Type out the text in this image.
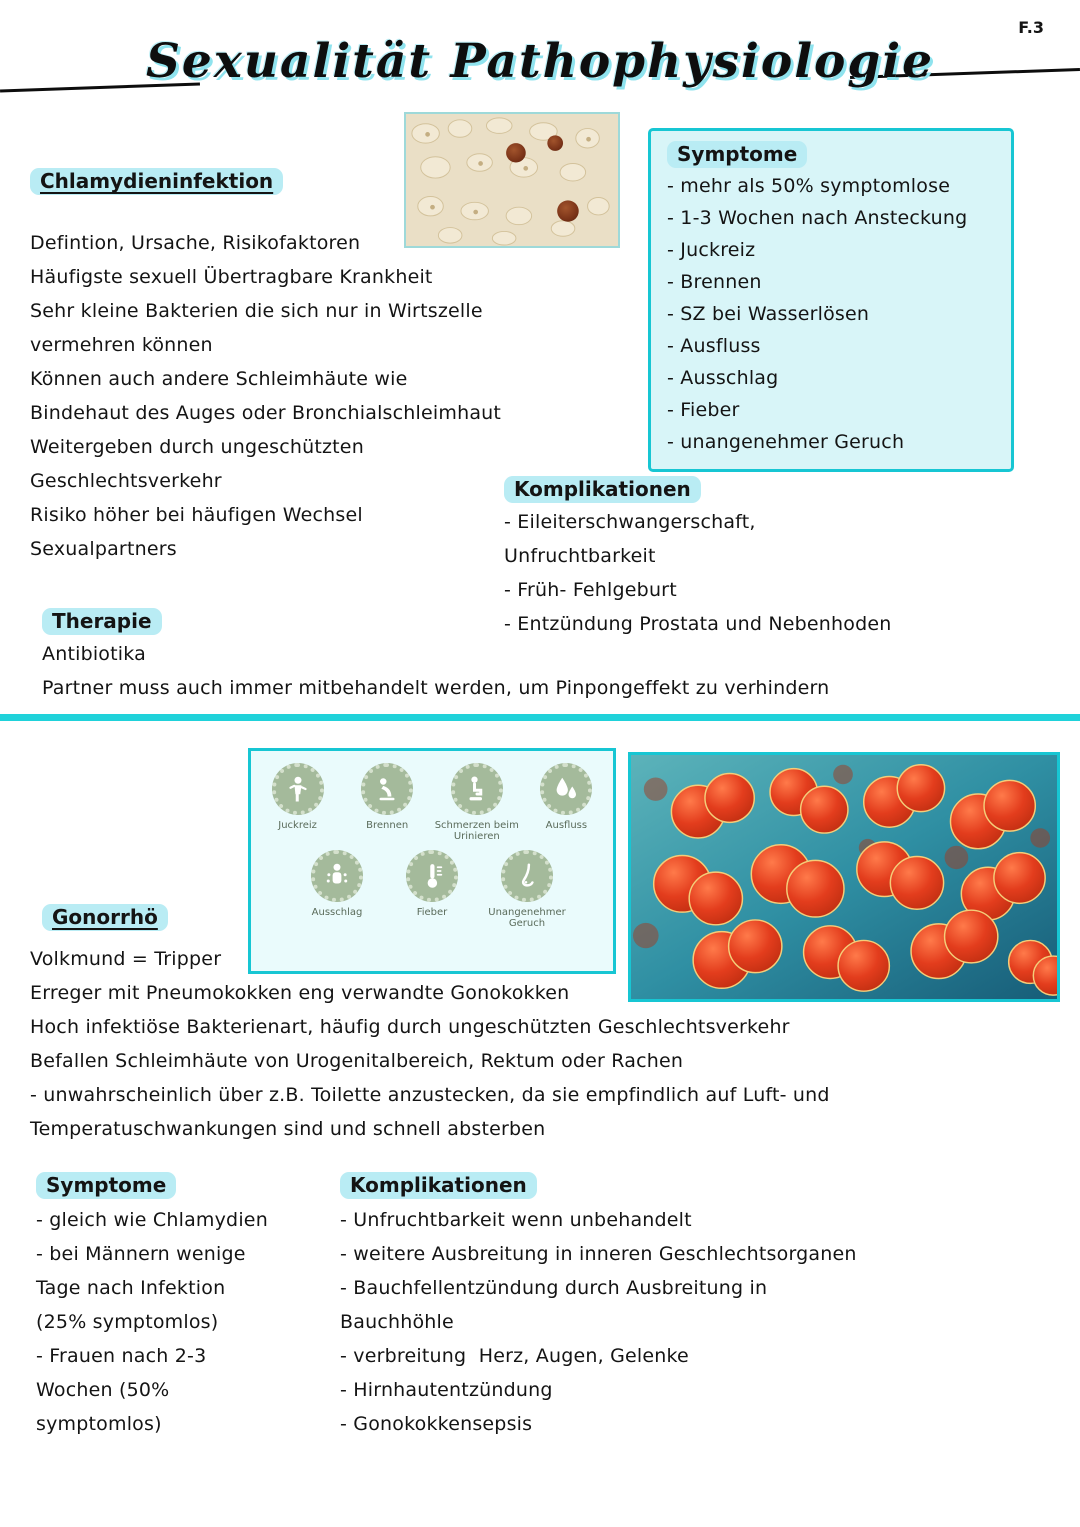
F.3
Sexualität Pathophysiologie
Chlamydieninfektion
Symptome
- mehr als 50% symptomlose
- 1-3 Wochen nach Ansteckung
- Juckreiz
- Brennen
- SZ bei Wasserlösen
- Ausfluss
- Ausschlag
- Fieber
- unangenehmer Geruch
Defintion, Ursache, Risikofaktoren
Häufigste sexuell Übertragbare Krankheit
Sehr kleine Bakterien die sich nur in Wirtszelle
vermehren können
Können auch andere Schleimhäute wie
Bindehaut des Auges oder Bronchialschleimhaut
Weitergeben durch ungeschützten
Geschlechtsverkehr
Risiko höher bei häufigen Wechsel
Sexualpartners
Komplikationen
- Eileiterschwangerschaft,
Unfruchtbarkeit
- Früh- Fehlgeburt
- Entzündung Prostata und Nebenhoden
Therapie
Antibiotika
Partner muss auch immer mitbehandelt werden, um Pinpongeffekt zu verhindern
Juckreiz	Brennen	Schmerzen beim Urinieren
Ausfluss
Ausschlag	Fieber	Unangenehmer Geruch
Gonorrhö
Volkmund = Tripper
Erreger mit Pneumokokken eng verwandte Gonokokken
Hoch infektiöse Bakterienart, häufig durch ungeschützten Geschlechtsverkehr
Befallen Schleimhäute von Urogenitalbereich, Rektum oder Rachen
- unwahrscheinlich über z.B. Toilette anzustecken, da sie empfindlich auf Luft- und
Temperatuschwankungen sind und schnell absterben
Symptome
- gleich wie Chlamydien
- bei Männern wenige
Tage nach Infektion
(25% symptomlos)
- Frauen nach 2-3
Wochen (50%
symptomlos)
Komplikationen
- Unfruchtbarkeit wenn unbehandelt
- weitere Ausbreitung in inneren Geschlechtsorganen
- Bauchfellentzündung durch Ausbreitung in
Bauchhöhle
- verbreitung  Herz, Augen, Gelenke
- Hirnhautentzündung
- Gonokokkensepsis
